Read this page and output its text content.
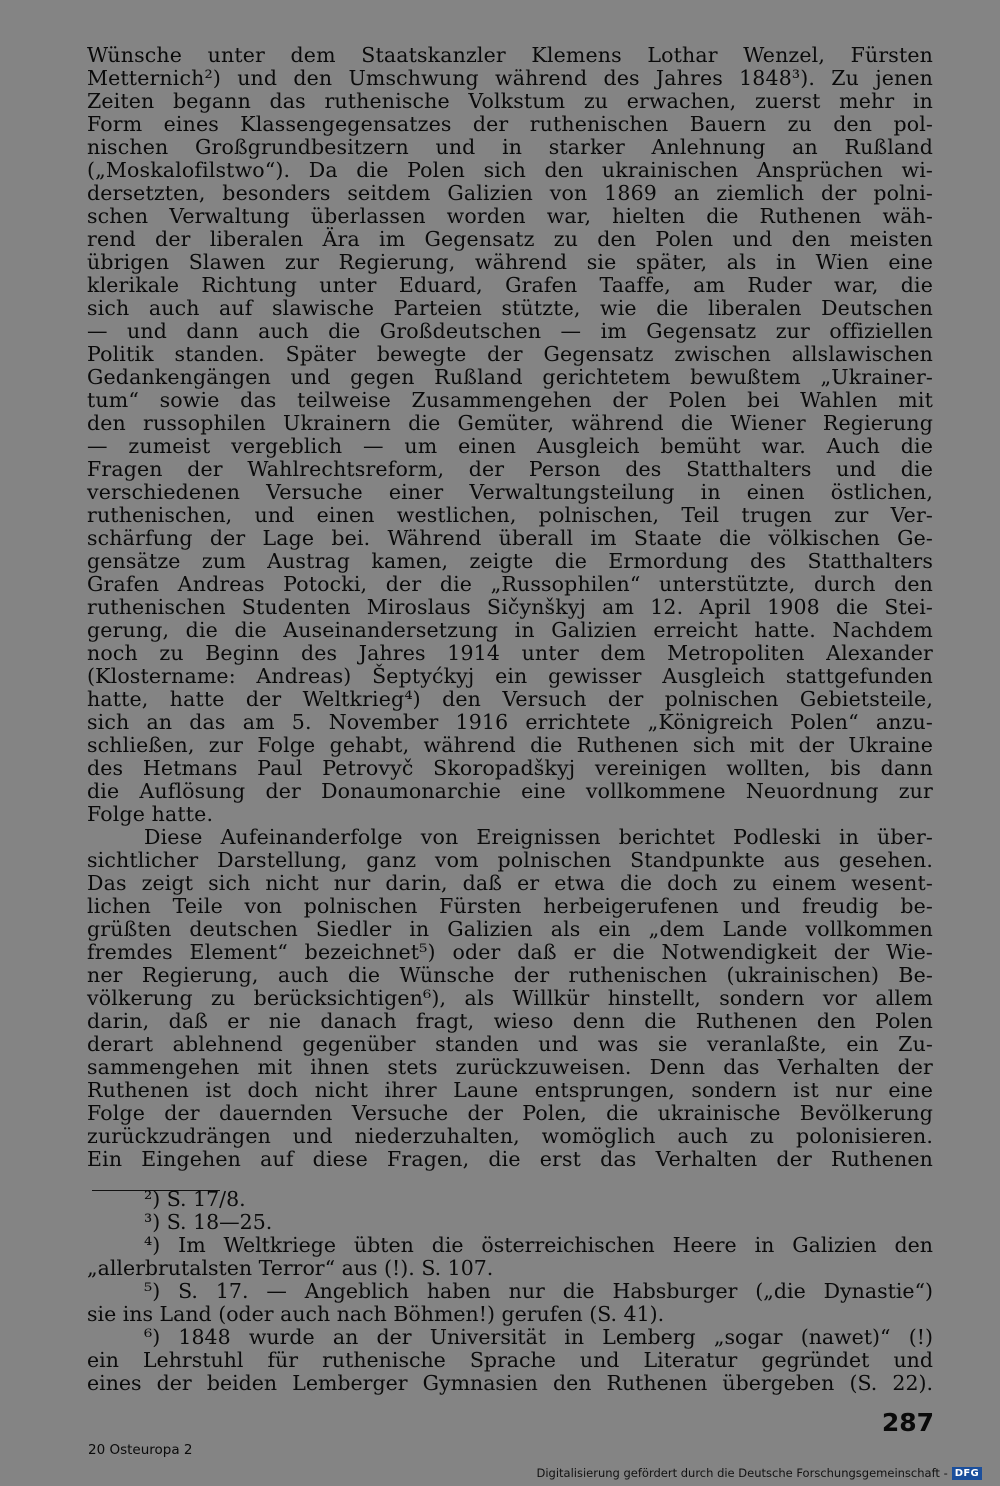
Wünsche unter dem Staatskanzler Klemens Lothar Wenzel, Fürsten
Metternich²) und den Umschwung während des Jahres 1848³). Zu jenen
Zeiten begann das ruthenische Volkstum zu erwachen, zuerst mehr in
Form eines Klassengegensatzes der ruthenischen Bauern zu den pol-
nischen Großgrundbesitzern und in starker Anlehnung an Rußland
(„Moskalofilstwo“). Da die Polen sich den ukrainischen Ansprüchen wi-
dersetzten, besonders seitdem Galizien von 1869 an ziemlich der polni-
schen Verwaltung überlassen worden war, hielten die Ruthenen wäh-
rend der liberalen Ära im Gegensatz zu den Polen und den meisten
übrigen Slawen zur Regierung, während sie später, als in Wien eine
klerikale Richtung unter Eduard, Grafen Taaffe, am Ruder war, die
sich auch auf slawische Parteien stützte, wie die liberalen Deutschen
— und dann auch die Großdeutschen — im Gegensatz zur offiziellen
Politik standen. Später bewegte der Gegensatz zwischen allslawischen
Gedankengängen und gegen Rußland gerichtetem bewußtem „Ukrainer-
tum“ sowie das teilweise Zusammengehen der Polen bei Wahlen mit
den russophilen Ukrainern die Gemüter, während die Wiener Regierung
— zumeist vergeblich — um einen Ausgleich bemüht war. Auch die
Fragen der Wahlrechtsreform, der Person des Statthalters und die
verschiedenen Versuche einer Verwaltungsteilung in einen östlichen,
ruthenischen, und einen westlichen, polnischen, Teil trugen zur Ver-
schärfung der Lage bei. Während überall im Staate die völkischen Ge-
gensätze zum Austrag kamen, zeigte die Ermordung des Statthalters
Grafen Andreas Potocki, der die „Russophilen“ unterstützte, durch den
ruthenischen Studenten Miroslaus Sičynškyj am 12. April 1908 die Stei-
gerung, die die Auseinandersetzung in Galizien erreicht hatte. Nachdem
noch zu Beginn des Jahres 1914 unter dem Metropoliten Alexander
(Klostername: Andreas) Šeptyćkyj ein gewisser Ausgleich stattgefunden
hatte, hatte der Weltkrieg⁴) den Versuch der polnischen Gebietsteile,
sich an das am 5. November 1916 errichtete „Königreich Polen“ anzu-
schließen, zur Folge gehabt, während die Ruthenen sich mit der Ukraine
des Hetmans Paul Petrovyč Skoropadškyj vereinigen wollten, bis dann
die Auflösung der Donaumonarchie eine vollkommene Neuordnung zur
Folge hatte.
Diese Aufeinanderfolge von Ereignissen berichtet Podleski in über-
sichtlicher Darstellung, ganz vom polnischen Standpunkte aus gesehen.
Das zeigt sich nicht nur darin, daß er etwa die doch zu einem wesent-
lichen Teile von polnischen Fürsten herbeigerufenen und freudig be-
grüßten deutschen Siedler in Galizien als ein „dem Lande vollkommen
fremdes Element“ bezeichnet⁵) oder daß er die Notwendigkeit der Wie-
ner Regierung, auch die Wünsche der ruthenischen (ukrainischen) Be-
völkerung zu berücksichtigen⁶), als Willkür hinstellt, sondern vor allem
darin, daß er nie danach fragt, wieso denn die Ruthenen den Polen
derart ablehnend gegenüber standen und was sie veranlaßte, ein Zu-
sammengehen mit ihnen stets zurückzuweisen. Denn das Verhalten der
Ruthenen ist doch nicht ihrer Laune entsprungen, sondern ist nur eine
Folge der dauernden Versuche der Polen, die ukrainische Bevölkerung
zurückzudrängen und niederzuhalten, womöglich auch zu polonisieren.
Ein Eingehen auf diese Fragen, die erst das Verhalten der Ruthenen
²) S. 17/8.
³) S. 18—25.
⁴) Im Weltkriege übten die österreichischen Heere in Galizien den
„allerbrutalsten Terror“ aus (!). S. 107.
⁵) S. 17. — Angeblich haben nur die Habsburger („die Dynastie“)
sie ins Land (oder auch nach Böhmen!) gerufen (S. 41).
⁶) 1848 wurde an der Universität in Lemberg „sogar (nawet)“ (!)
ein Lehrstuhl für ruthenische Sprache und Literatur gegründet und
eines der beiden Lemberger Gymnasien den Ruthenen übergeben (S. 22).
287
20 Osteuropa 2
Digitalisierung gefördert durch die Deutsche Forschungsgemeinschaft - DFG
